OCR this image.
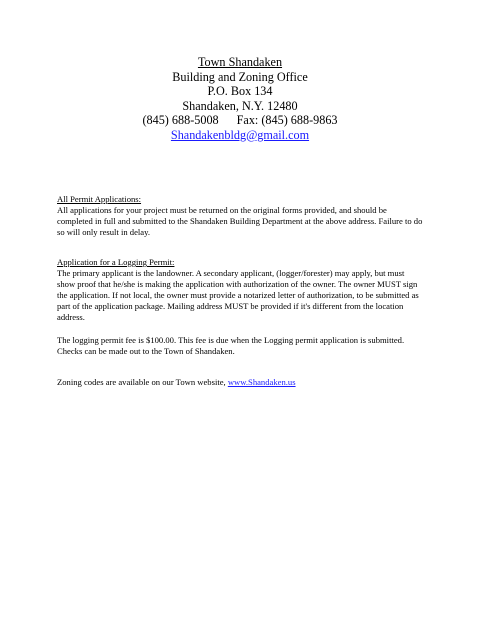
Town Shandaken
Building and Zoning Office
P.O. Box 134
Shandaken, N.Y. 12480
(845) 688-5008 Fax: (845) 688-9863
Shandakenbldg@gmail.com
All Permit Applications:

All applications for your project must be returned on the original forms provided, and should be completed in full and submitted to the Shandaken Building Department at the above address. Failure to do so will only result in delay.

Application for a Logging Permit:

The primary applicant is the landowner. A secondary applicant, (logger/forester) may apply, but must show proof that he/she is making the application with authorization of the owner. The owner MUST sign the application. If not local, the owner must provide a notarized letter of authorization, to be submitted as part of the application package. Mailing address MUST be provided if it's different from the location address.

The logging permit fee is $100.00. This fee is due when the Logging permit application is submitted. Checks can be made out to the Town of Shandaken.

Zoning codes are available on our Town website, www.Shandaken.us
